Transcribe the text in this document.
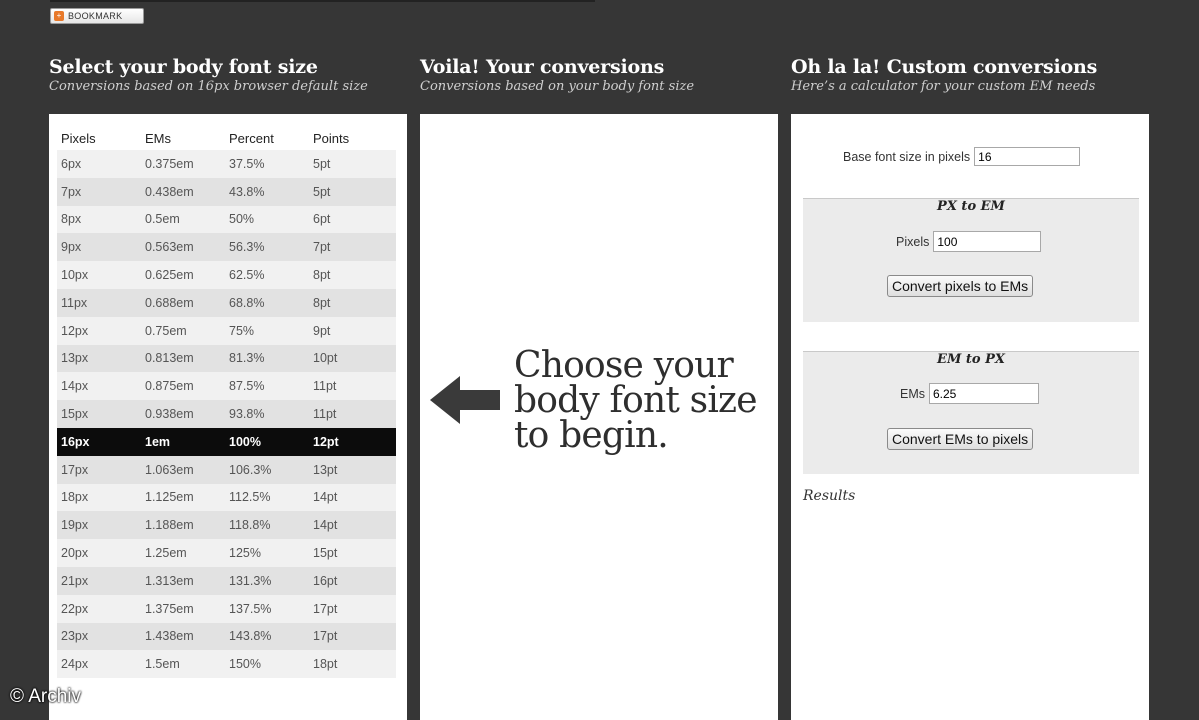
+ BOOKMARK
Select your body font size

Conversions based on 16px browser default size

Voila! Your conversions

Conversions based on your body font size

Oh la la! Custom conversions

Here’s a calculator for your custom EM needs

Pixels	EMs	Percent	Points
6px	0.375em	37.5%	5pt
7px	0.438em	43.8%	5pt
8px	0.5em	50%	6pt
9px	0.563em	56.3%	7pt
10px	0.625em	62.5%	8pt
11px	0.688em	68.8%	8pt
12px	0.75em	75%	9pt
13px	0.813em	81.3%	10pt
14px	0.875em	87.5%	11pt
15px	0.938em	93.8%	11pt
16px	1em	100%	12pt
17px	1.063em	106.3%	13pt
18px	1.125em	112.5%	14pt
19px	1.188em	118.8%	14pt
20px	1.25em	125%	15pt
21px	1.313em	131.3%	16pt
22px	1.375em	137.5%	17pt
23px	1.438em	143.8%	17pt
24px	1.5em	150%	18pt
Choose your
body font size
to begin.
Base font size in pixels
16
PX to EM
Pixels
100
Convert pixels to EMs
EM to PX
EMs
6.25
Convert EMs to pixels
Results
© Archiv
